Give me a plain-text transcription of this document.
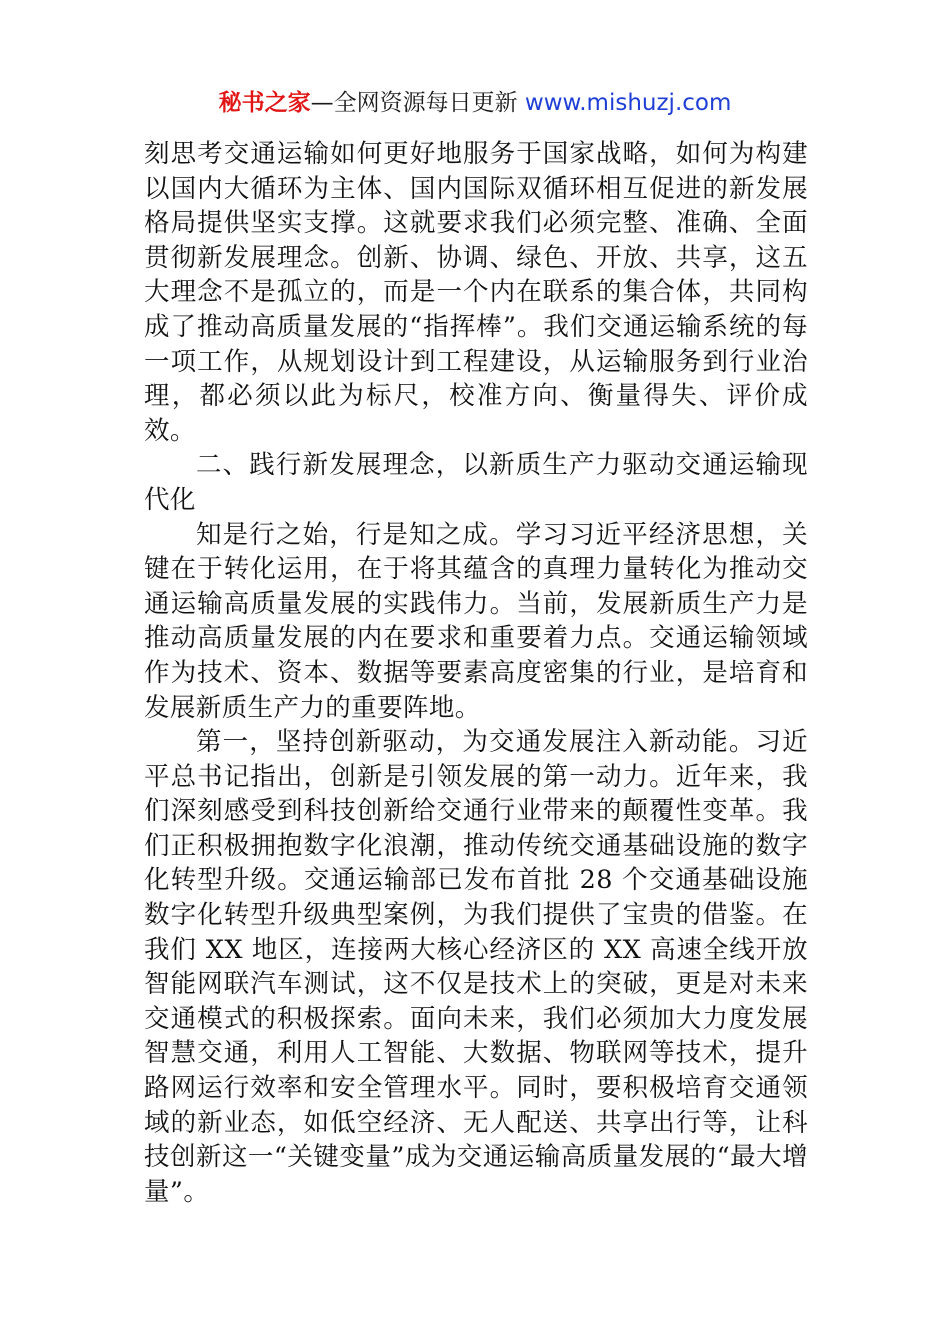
秘书之家—全网资源每日更新 www.mishuzj.com

刻思考交通运输如何更好地服务于国家战略，如何为构建以国内大循环为主体、国内国际双循环相互促进的新发展格局提供坚实支撑。这就要求我们必须完整、准确、全面贯彻新发展理念。创新、协调、绿色、开放、共享，这五大理念不是孤立的，而是一个内在联系的集合体，共同构成了推动高质量发展的“指挥棒”。我们交通运输系统的每一项工作，从规划设计到工程建设，从运输服务到行业治理，都必须以此为标尺，校准方向、衡量得失、评价成效。

二、践行新发展理念，以新质生产力驱动交通运输现代化

知是行之始，行是知之成。学习习近平经济思想，关键在于转化运用，在于将其蕴含的真理力量转化为推动交通运输高质量发展的实践伟力。当前，发展新质生产力是推动高质量发展的内在要求和重要着力点。交通运输领域作为技术、资本、数据等要素高度密集的行业，是培育和发展新质生产力的重要阵地。

第一，坚持创新驱动，为交通发展注入新动能。习近平总书记指出，创新是引领发展的第一动力。近年来，我们深刻感受到科技创新给交通行业带来的颠覆性变革。我们正积极拥抱数字化浪潮，推动传统交通基础设施的数字化转型升级。交通运输部已发布首批 28 个交通基础设施数字化转型升级典型案例，为我们提供了宝贵的借鉴。在我们 XX 地区，连接两大核心经济区的 XX 高速全线开放智能网联汽车测试，这不仅是技术上的突破，更是对未来交通模式的积极探索。面向未来，我们必须加大力度发展智慧交通，利用人工智能、大数据、物联网等技术，提升路网运行效率和安全管理水平。同时，要积极培育交通领域的新业态，如低空经济、无人配送、共享出行等，让科技创新这一“关键变量”成为交通运输高质量发展的“最大增量”。
